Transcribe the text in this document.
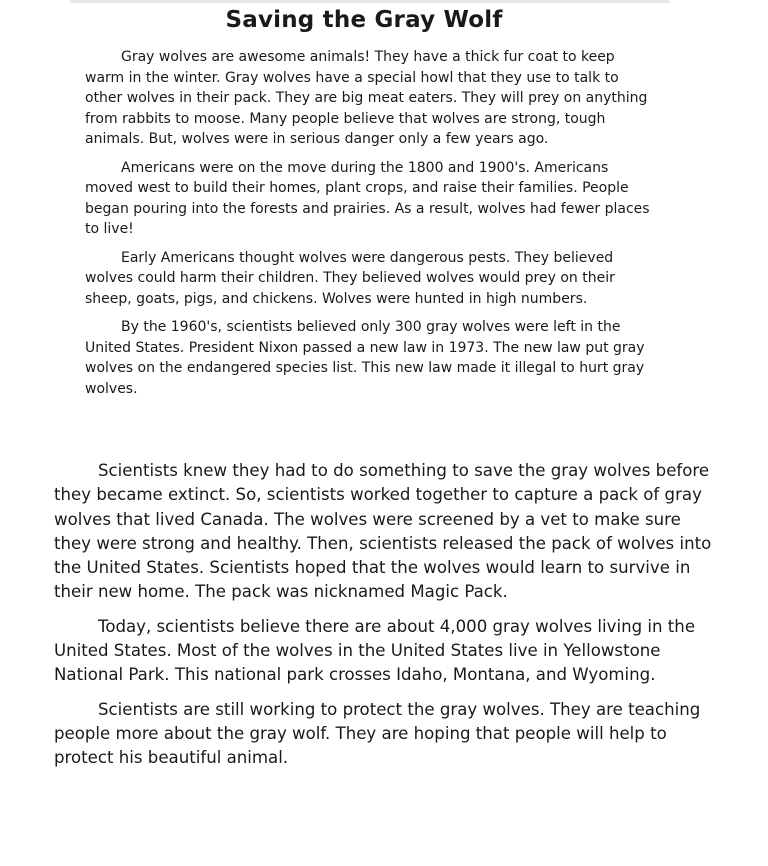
Saving the Gray Wolf

Gray wolves are awesome animals! They have a thick fur coat to keep warm in the winter. Gray wolves have a special howl that they use to talk to other wolves in their pack. They are big meat eaters. They will prey on anything from rabbits to moose. Many people believe that wolves are strong, tough animals. But, wolves were in serious danger only a few years ago.

Americans were on the move during the 1800 and 1900's. Americans moved west to build their homes, plant crops, and raise their families. People began pouring into the forests and prairies. As a result, wolves had fewer places to live!

Early Americans thought wolves were dangerous pests. They believed wolves could harm their children. They believed wolves would prey on their sheep, goats, pigs, and chickens. Wolves were hunted in high numbers.

By the 1960's, scientists believed only 300 gray wolves were left in the United States. President Nixon passed a new law in 1973. The new law put gray wolves on the endangered species list. This new law made it illegal to hurt gray wolves.

Scientists knew they had to do something to save the gray wolves before they became extinct. So, scientists worked together to capture a pack of gray wolves that lived Canada. The wolves were screened by a vet to make sure they were strong and healthy. Then, scientists released the pack of wolves into the United States. Scientists hoped that the wolves would learn to survive in their new home. The pack was nicknamed Magic Pack.

Today, scientists believe there are about 4,000 gray wolves living in the United States. Most of the wolves in the United States live in Yellowstone National Park. This national park crosses Idaho, Montana, and Wyoming.

Scientists are still working to protect the gray wolves. They are teaching people more about the gray wolf. They are hoping that people will help to protect his beautiful animal.
